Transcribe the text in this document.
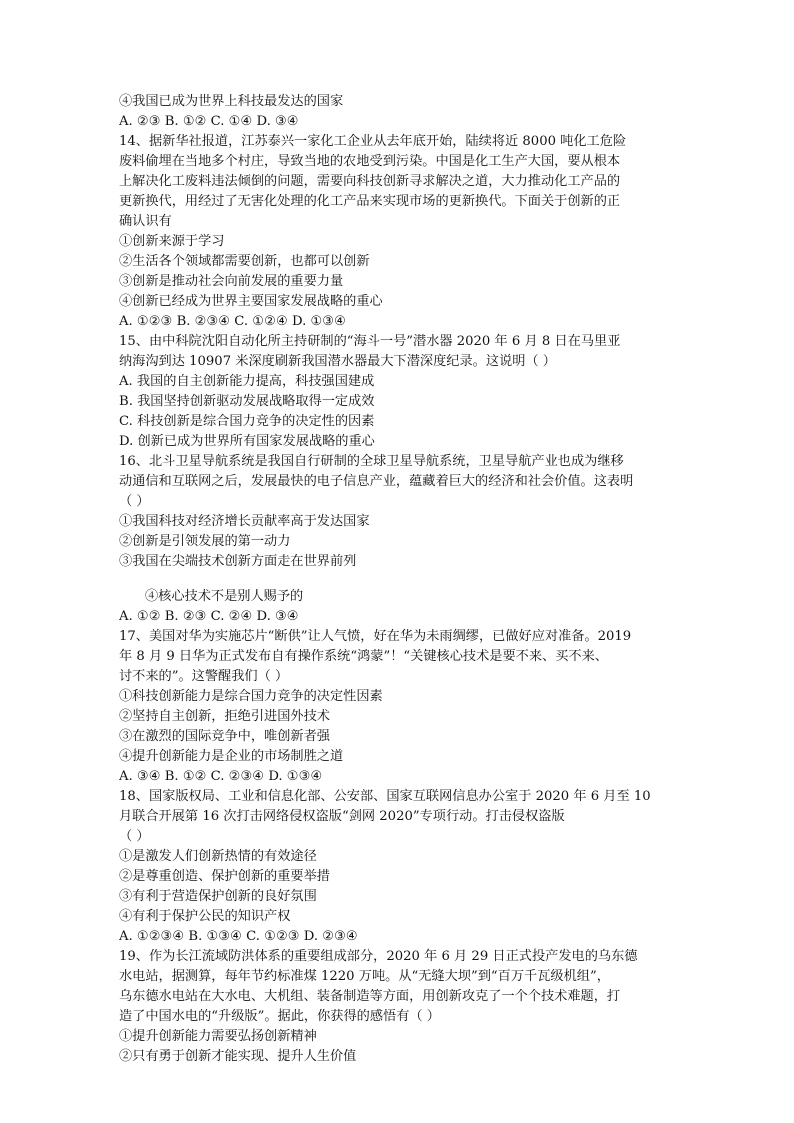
④我国已成为世界上科技最发达的国家
A. ②③ B. ①② C. ①④ D. ③④
14、据新华社报道，江苏泰兴一家化工企业从去年底开始，陆续将近 8000 吨化工危险
废料偷埋在当地多个村庄，导致当地的农地受到污染。中国是化工生产大国，要从根本
上解决化工废料违法倾倒的问题，需要向科技创新寻求解决之道，大力推动化工产品的
更新换代，用经过了无害化处理的化工产品来实现市场的更新换代。下面关于创新的正
确认识有
①创新来源于学习
②生活各个领域都需要创新，也都可以创新
③创新是推动社会向前发展的重要力量
④创新已经成为世界主要国家发展战略的重心
A. ①②③ B. ②③④ C. ①②④ D. ①③④
15、由中科院沈阳自动化所主持研制的“海斗一号”潜水器 2020 年 6 月 8 日在马里亚
纳海沟到达 10907 米深度刷新我国潜水器最大下潜深度纪录。这说明（ ）
A. 我国的自主创新能力提高，科技强国建成
B. 我国坚持创新驱动发展战略取得一定成效
C. 科技创新是综合国力竞争的决定性的因素
D. 创新已成为世界所有国家发展战略的重心
16、北斗卫星导航系统是我国自行研制的全球卫星导航系统，卫星导航产业也成为继移
动通信和互联网之后，发展最快的电子信息产业，蕴藏着巨大的经济和社会价值。这表明
（ ）
①我国科技对经济增长贡献率高于发达国家
②创新是引领发展的第一动力
③我国在尖端技术创新方面走在世界前列
④核心技术不是别人赐予的
A. ①② B. ②③ C. ②④ D. ③④
17、美国对华为实施芯片“断供”让人气愤，好在华为未雨绸缪，已做好应对准备。2019
年 8 月 9 日华为正式发布自有操作系统“鸿蒙”！“关键核心技术是要不来、买不来、
讨不来的”。这警醒我们（ ）
①科技创新能力是综合国力竞争的决定性因素
②坚持自主创新，拒绝引进国外技术
③在激烈的国际竞争中，唯创新者强
④提升创新能力是企业的市场制胜之道
A. ③④ B. ①② C. ②③④ D. ①③④
18、国家版权局、工业和信息化部、公安部、国家互联网信息办公室于 2020 年 6 月至 10
月联合开展第 16 次打击网络侵权盗版“剑网 2020”专项行动。打击侵权盗版
（ ）
①是激发人们创新热情的有效途径
②是尊重创造、保护创新的重要举措
③有利于营造保护创新的良好氛围
④有利于保护公民的知识产权
A. ①②③④ B. ①③④ C. ①②③ D. ②③④
19、作为长江流域防洪体系的重要组成部分，2020 年 6 月 29 日正式投产发电的乌东德
水电站，据测算，每年节约标准煤 1220 万吨。从“无缝大坝”到“百万千瓦级机组”，
乌东德水电站在大水电、大机组、装备制造等方面，用创新攻克了一个个技术难题，打
造了中国水电的“升级版”。据此，你获得的感悟有（ ）
①提升创新能力需要弘扬创新精神
②只有勇于创新才能实现、提升人生价值
